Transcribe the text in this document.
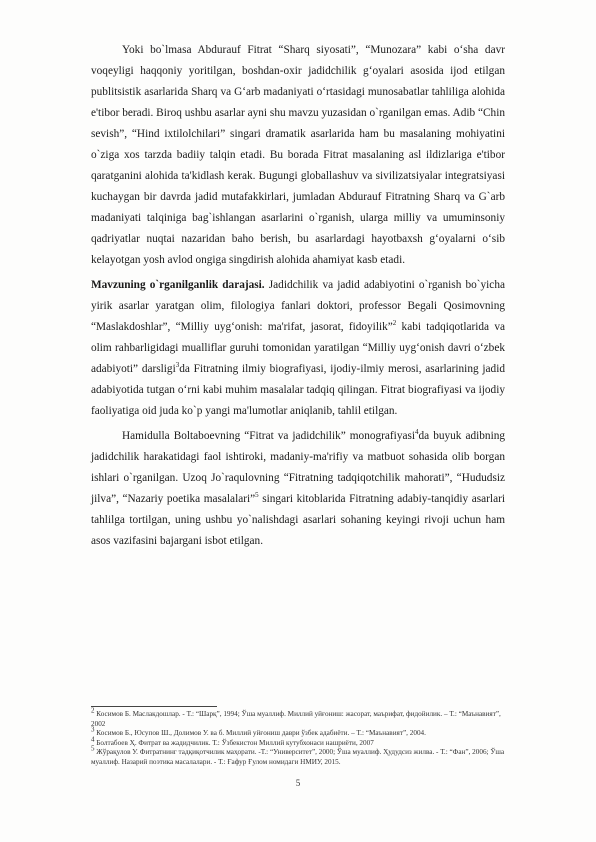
Yoki bo`lmasa Abdurauf Fitrat “Sharq siyosati”, “Munozara” kabi o‘sha davr voqeyligi haqqoniy yoritilgan, boshdan-oxir jadidchilik g‘oyalari asosida ijod etilgan publitsistik asarlarida Sharq va G‘arb madaniyati o‘rtasidagi munosabatlar tahliliga alohida e'tibor beradi. Biroq ushbu asarlar ayni shu mavzu yuzasidan o`rganilgan emas. Adib “Chin sevish”, “Hind ixtilolchilari” singari dramatik asarlarida ham bu masalaning mohiyatini o`ziga xos tarzda badiiy talqin etadi. Bu borada Fitrat masalaning asl ildizlariga e'tibor qaratganini alohida ta'kidlash kerak. Bugungi globallashuv va sivilizatsiyalar integratsiyasi kuchaygan bir davrda jadid mutafakkirlari, jumladan Abdurauf Fitratning Sharq va G`arb madaniyati talqiniga bag`ishlangan asarlarini o`rganish, ularga milliy va umuminsoniy qadriyatlar nuqtai nazaridan baho berish, bu asarlardagi hayotbaxsh g‘oyalarni o‘sib kelayotgan yosh avlod ongiga singdirish alohida ahamiyat kasb etadi.

Mavzuning o`rganilganlik darajasi. Jadidchilik va jadid adabiyotini o`rganish bo`yicha yirik asarlar yaratgan olim, filologiya fanlari doktori, professor Begali Qosimovning “Maslakdoshlar”, “Milliy uyg‘onish: ma'rifat, jasorat, fidoyilik”$^2$ kabi tadqiqotlarida va olim rahbarligidagi mualliflar guruhi tomonidan yaratilgan “Milliy uyg‘onish davri o‘zbek adabiyoti” darsligi$^3$da Fitratning ilmiy biografiyasi, ijodiy-ilmiy merosi, asarlarining jadid adabiyotida tutgan o‘rni kabi muhim masalalar tadqiq qilingan. Fitrat biografiyasi va ijodiy faoliyatiga oid juda ko`p yangi ma'lumotlar aniqlanib, tahlil etilgan.

Hamidulla Boltaboevning “Fitrat va jadidchilik” monografiyasi$^4$da buyuk adibning jadidchilik harakatidagi faol ishtiroki, madaniy-ma'rifiy va matbuot sohasida olib borgan ishlari o`rganilgan. Uzoq Jo`raqulovning “Fitratning tadqiqotchilik mahorati”, “Hududsiz jilva”, “Nazariy poetika masalalari”$^5$ singari kitoblarida Fitratning adabiy-tanqidiy asarlari tahlilga tortilgan, uning ushbu yo`nalishdagi asarlari sohaning keyingi rivoji uchun ham asos vazifasini bajargani isbot etilgan.

$^2$ Косимов Б. Маслакдошлар. - Т.: “Шарқ”, 1994; Ўша муаллиф. Миллий уйғониш: жасорат, маърифат, фидойилик. – Т.: “Маънавият”, 2002

$^3$ Косимов Б., Юсупов Ш., Долимов У. ва б. Миллий уйғониш даври ўзбек адабиёти. – Т.: “Маънавият”, 2004.

$^4$ Болтабоев Ҳ. Фитрат ва жадидчилик. Т.: Ўзбекистон Миллий кутубхонаси нашриёти, 2007

$^5$ Жўрақулов У. Фитратнинг тадқиқотчилик маҳорати. -Т.: “Университет”, 2000; Ўша муаллиф. Ҳудудсиз жилва. - Т.: “Фан”, 2006; Ўша муаллиф. Назарий поэтика масалалари. - Т.: Ғафур Ғулом номидаги НМИУ, 2015.

5
